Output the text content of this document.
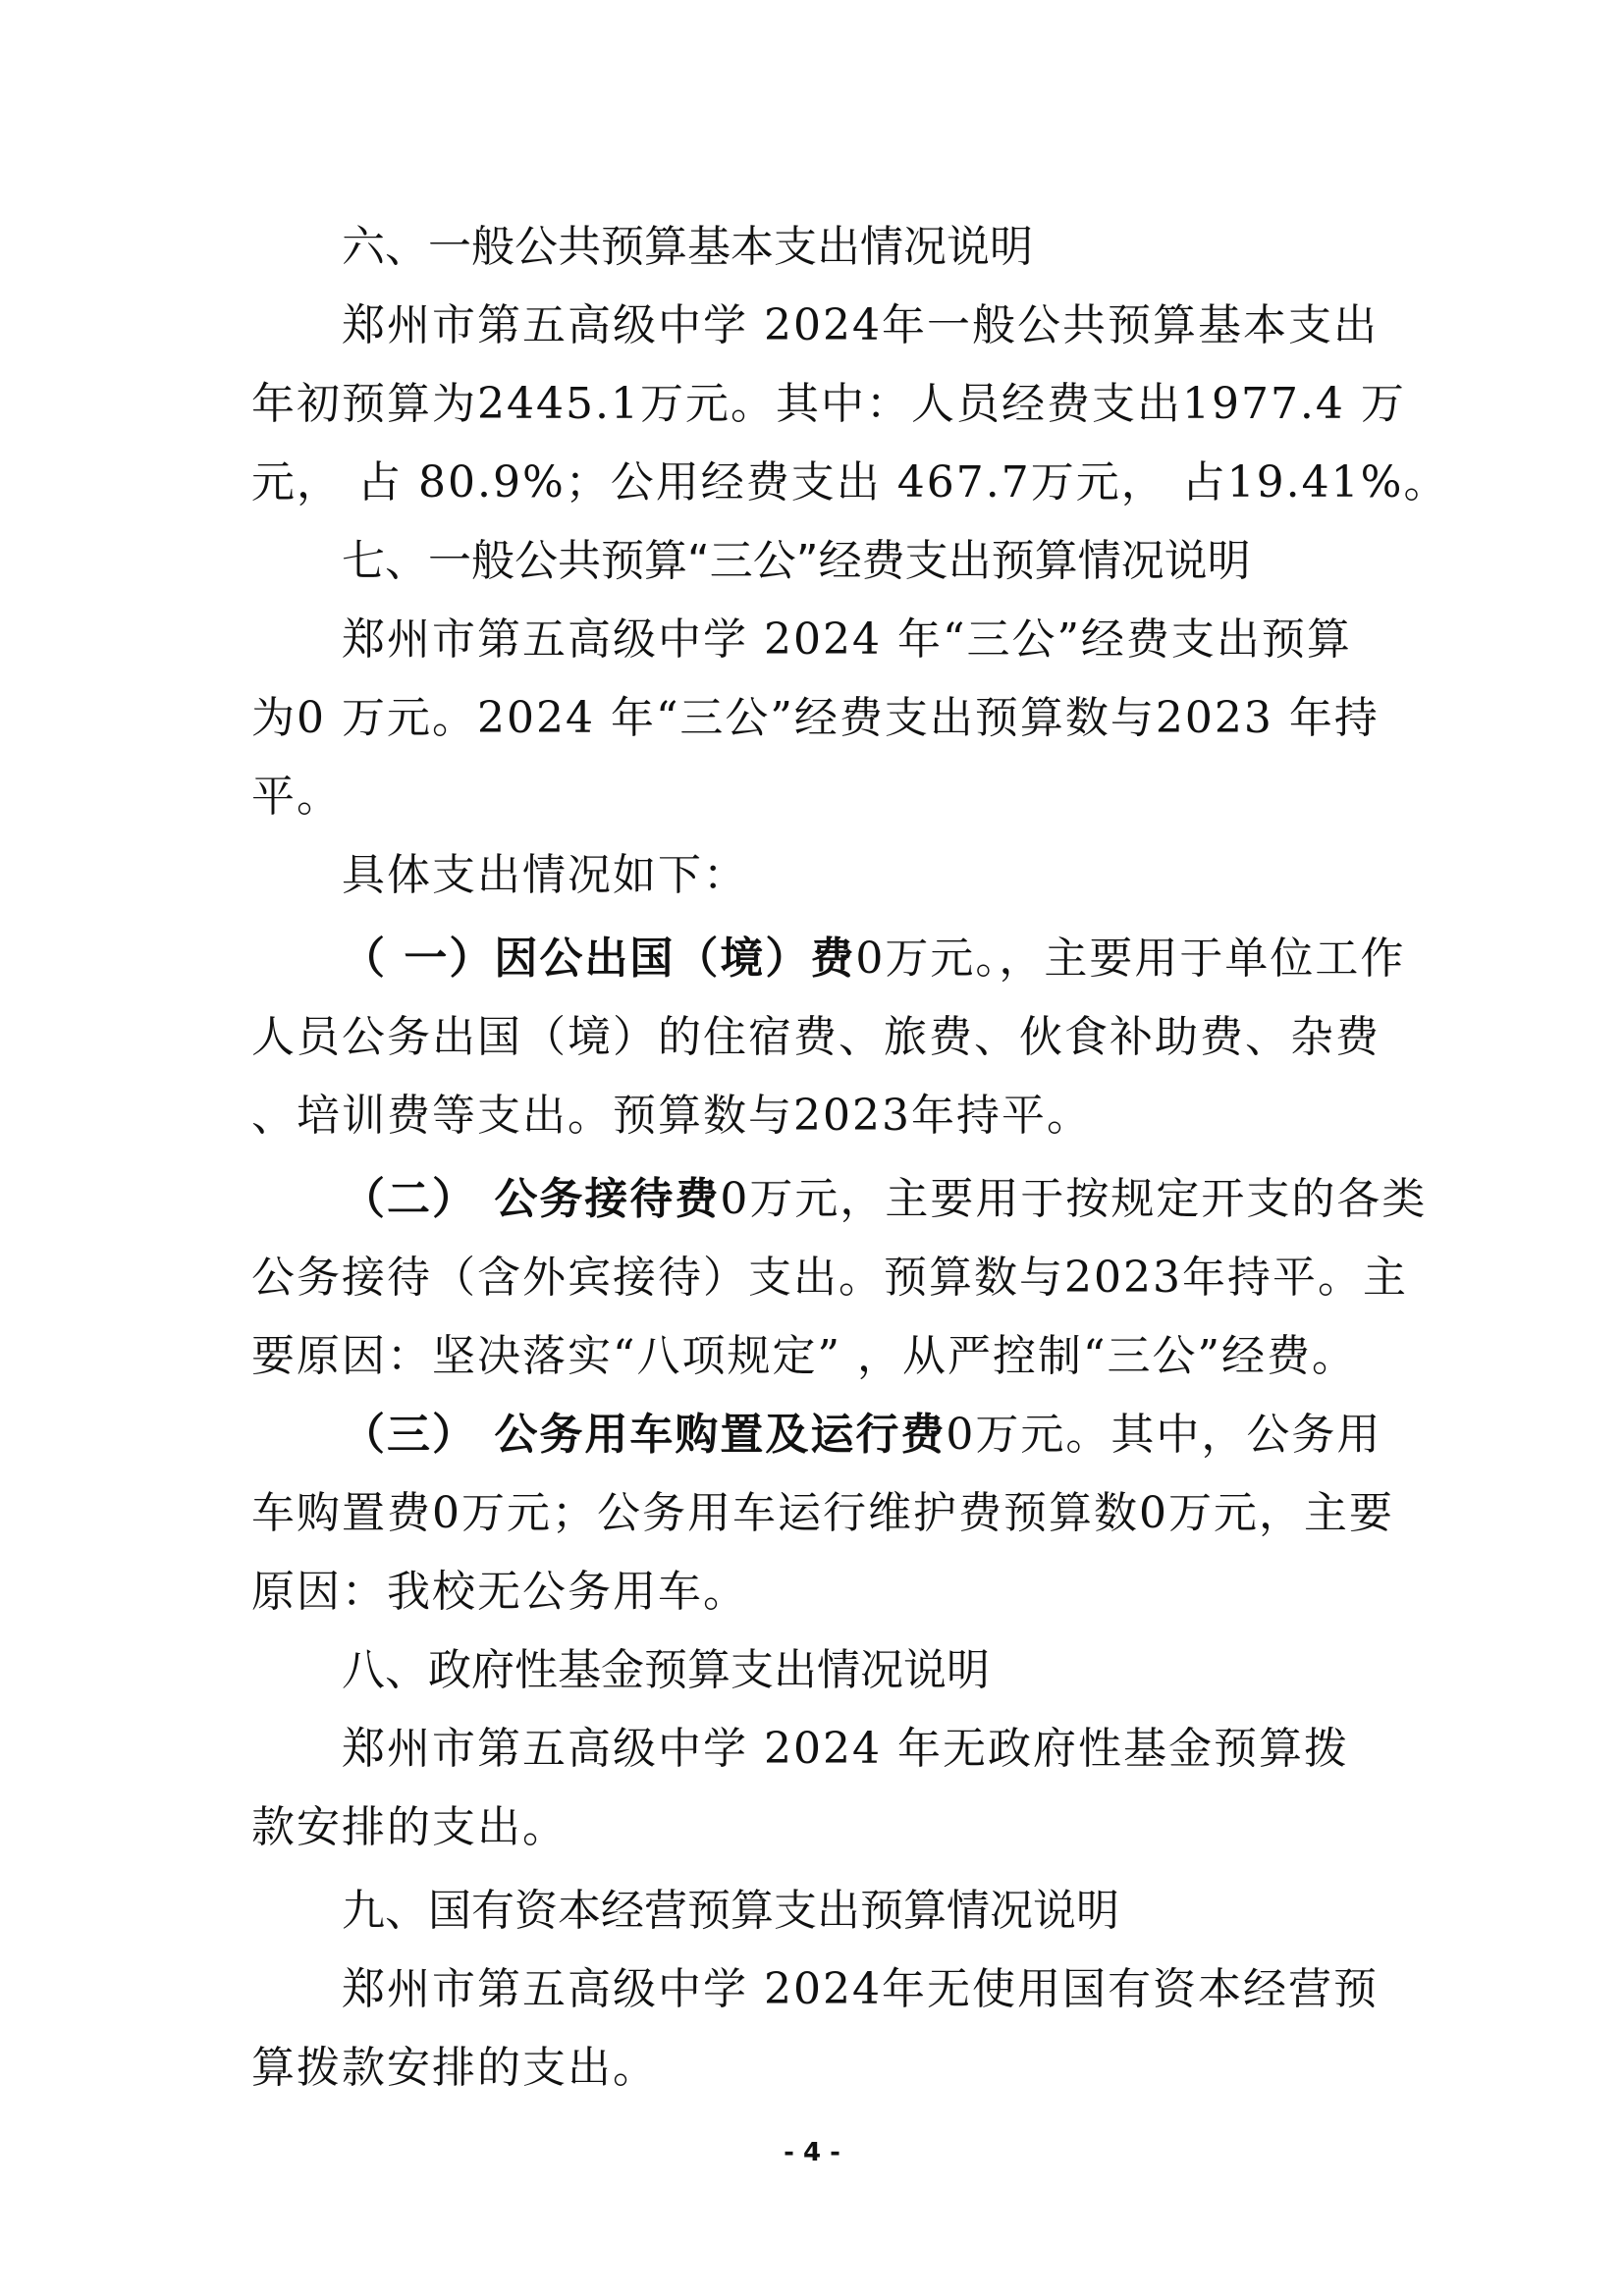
六、一般公共预算基本支出情况说明
郑州市第五高级中学 2024年一般公共预算基本支出
年初预算为2445.1万元。其中：人员经费支出1977.4 万
元， 占 80.9%；公用经费支出 467.7万元， 占19.41%。
七、一般公共预算“三公”经费支出预算情况说明
郑州市第五高级中学 2024 年“三公”经费支出预算
为0 万元。2024 年“三公”经费支出预算数与2023 年持
平。
具体支出情况如下：
（ 一）因公出国（境）费0万元。，主要用于单位工作
人员公务出国（境）的住宿费、旅费、伙食补助费、杂费
、培训费等支出。预算数与2023年持平。
（二） 公务接待费0万元，主要用于按规定开支的各类
公务接待（含外宾接待）支出。预算数与2023年持平。主
要原因：坚决落实“八项规定” ，从严控制“三公”经费。
（三） 公务用车购置及运行费0万元。其中，公务用
车购置费0万元；公务用车运行维护费预算数0万元，主要
原因：我校无公务用车。
八、政府性基金预算支出情况说明
郑州市第五高级中学 2024 年无政府性基金预算拨
款安排的支出。
九、国有资本经营预算支出预算情况说明
郑州市第五高级中学 2024年无使用国有资本经营预
算拨款安排的支出。
- 4 -
